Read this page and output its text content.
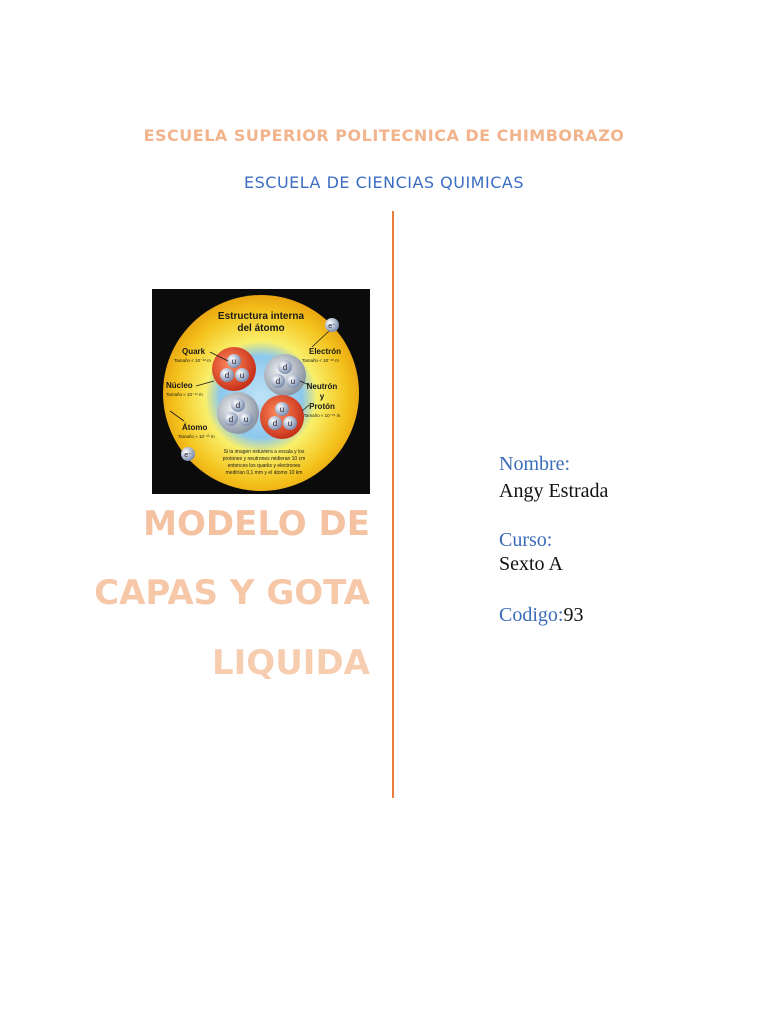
ESCUELA SUPERIOR POLITECNICA DE CHIMBORAZO
ESCUELA DE CIENCIAS QUIMICAS
Estructura interna
del átomo
u
d u
d
d u
d
d u
u
d u
e⁻
e⁻
Quark
Tamaño < 10⁻¹⁸ m
Núcleo
Tamaño ≈ 10⁻¹⁴ m
Átomo
Tamaño ≈ 10⁻¹⁰ m
Electrón
Tamaño < 10⁻¹⁸ m
Neutrón
y
Protón
Tamaño ≈ 10⁻¹⁵ m
Si la imagen estuviera a escala y los
protones y neutrones midieran 10 cm
entonces los quarks y electrones
medirían 0,1 mm y el átomo 10 km
MODELO DE
CAPAS Y GOTA
LIQUIDA
Nombre:
Angy Estrada
Curso:
Sexto A
Codigo:93
